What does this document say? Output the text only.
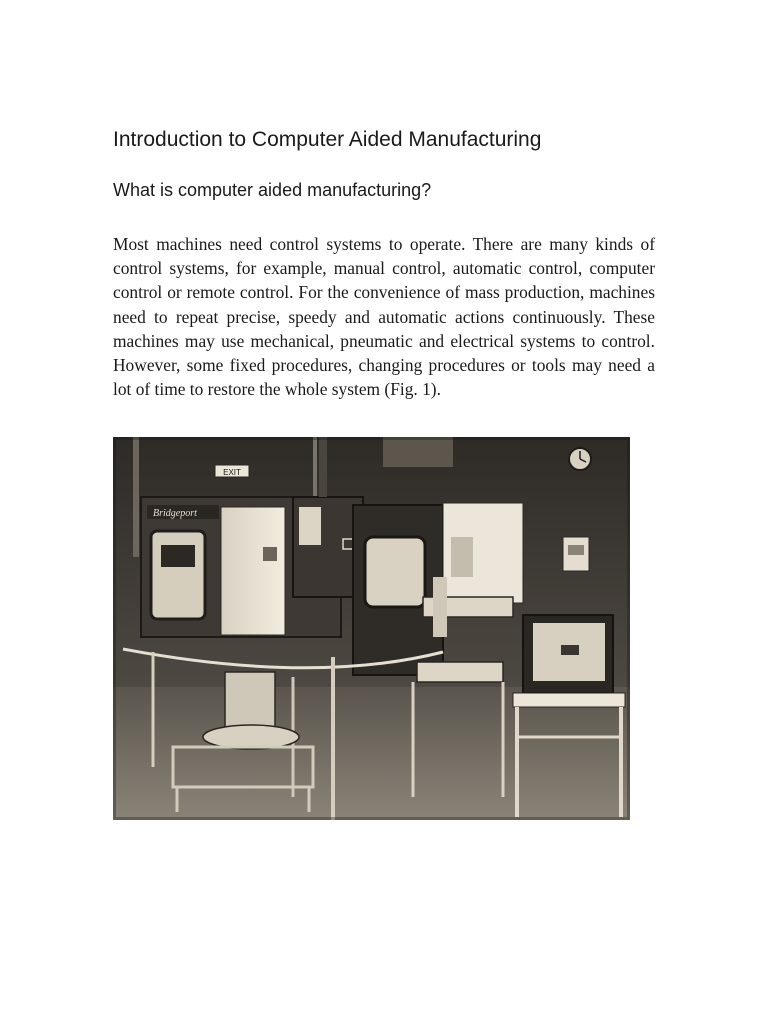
Introduction to Computer Aided Manufacturing
What is computer aided manufacturing?

Most machines need control systems to operate. There are many kinds of control systems, for example, manual control, automatic control, computer control or remote control. For the convenience of mass production, machines need to repeat precise, speedy and automatic actions continuously. These machines may use mechanical, pneumatic and electrical systems to control. However, some fixed procedures, changing procedures or tools may need a lot of time to restore the whole system (Fig. 1).

EXIT
Bridgeport
